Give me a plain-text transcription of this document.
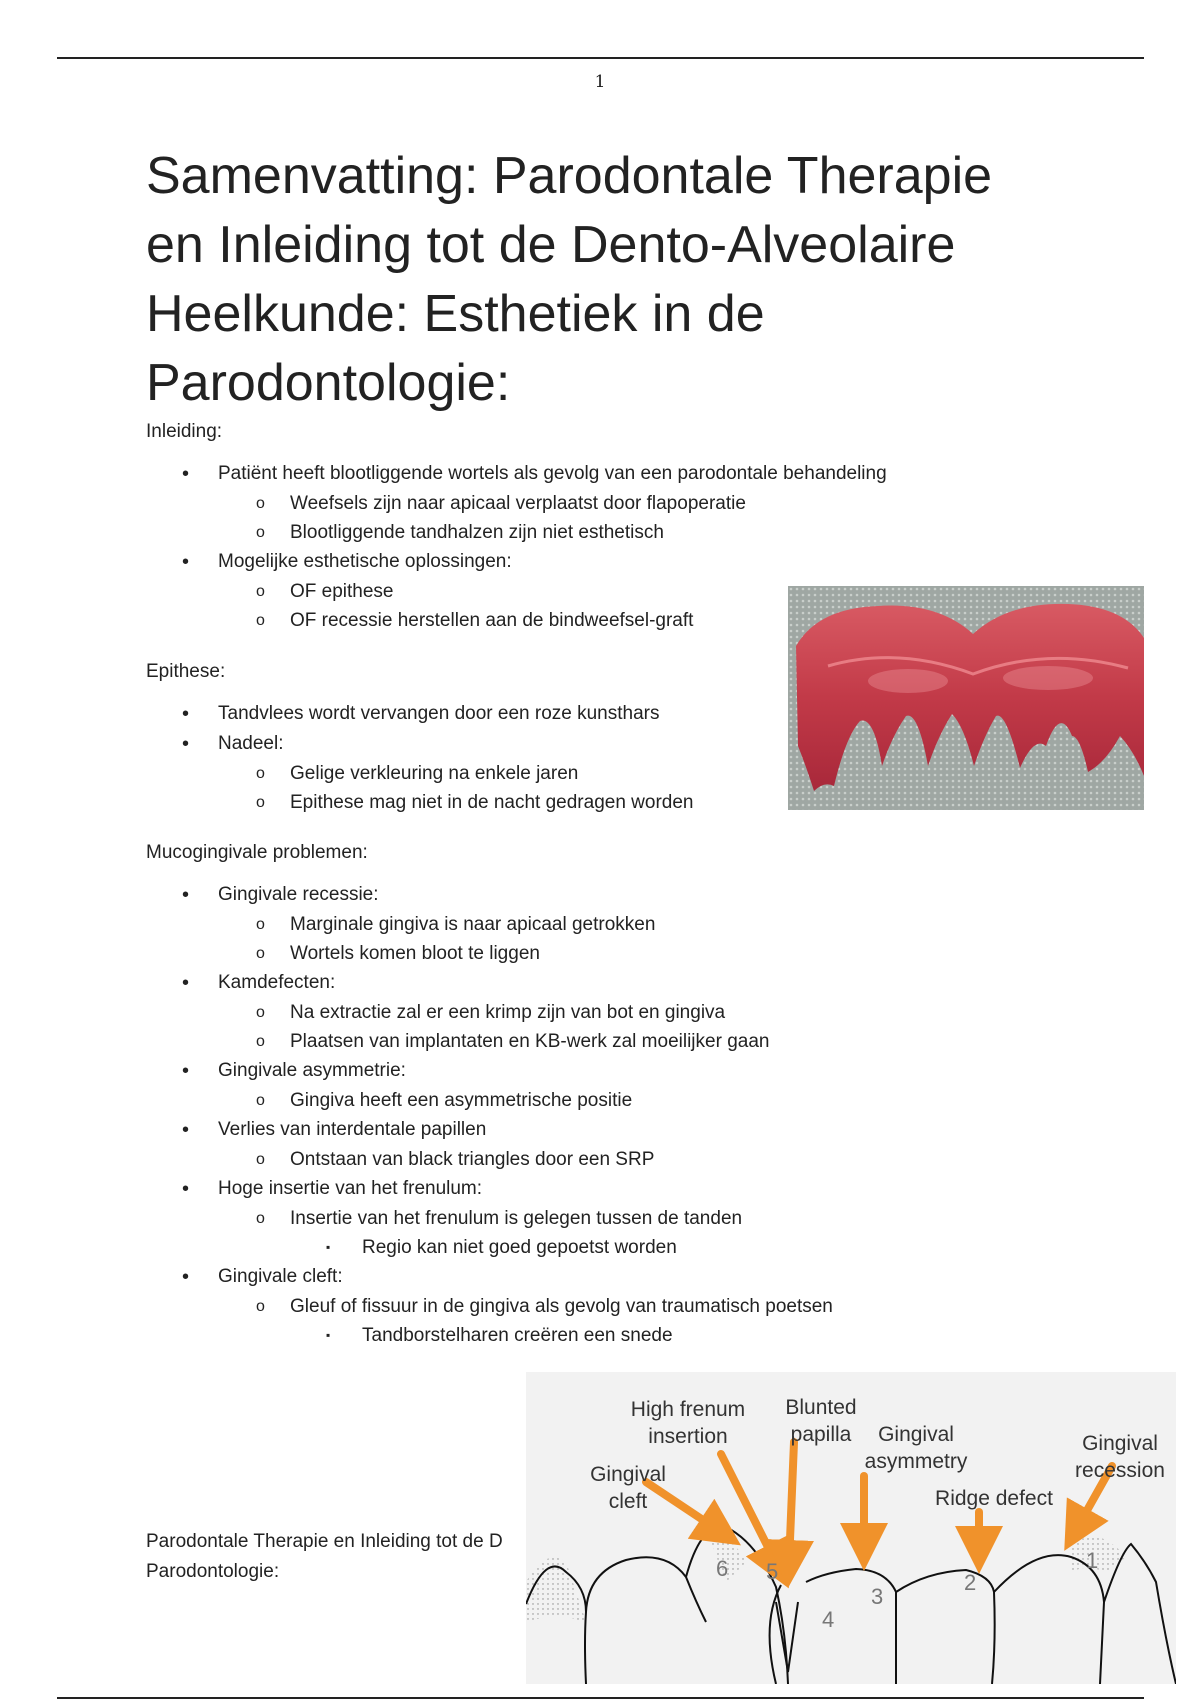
1
Samenvatting: Parodontale Therapie en Inleiding tot de Dento-Alveolaire Heelkunde: Esthetiek in de Parodontologie:

Inleiding:

• Patiënt heeft blootliggende wortels als gevolg van een parodontale behandeling
o Weefsels zijn naar apicaal verplaatst door flapoperatie
o Blootliggende tandhalzen zijn niet esthetisch
• Mogelijke esthetische oplossingen:
o OF epithese
o OF recessie herstellen aan de bindweefsel-graft

Epithese:

• Tandvlees wordt vervangen door een roze kunsthars
• Nadeel:
o Gelige verkleuring na enkele jaren
o Epithese mag niet in de nacht gedragen worden

Mucogingivale problemen:

• Gingivale recessie:
o Marginale gingiva is naar apicaal getrokken
o Wortels komen bloot te liggen
• Kamdefecten:
o Na extractie zal er een krimp zijn van bot en gingiva
o Plaatsen van implantaten en KB-werk zal moeilijker gaan
• Gingivale asymmetrie:
o Gingiva heeft een asymmetrische positie
• Verlies van interdentale papillen
o Ontstaan van black triangles door een SRP
• Hoge insertie van het frenulum:
o Insertie van het frenulum is gelegen tussen de tanden
▪ Regio kan niet goed gepoetst worden
• Gingivale cleft:
o Gleuf of fissuur in de gingiva als gevolg van traumatisch poetsen
▪ Tandborstelharen creëren een snede
Parodontale Therapie en Inleiding tot de D
Parodontologie:
High frenum
insertion
Blunted
papilla Gingival
asymmetry
Gingival
recession
Gingival
cleft	Ridge defect
6 5
4
3
2
1
